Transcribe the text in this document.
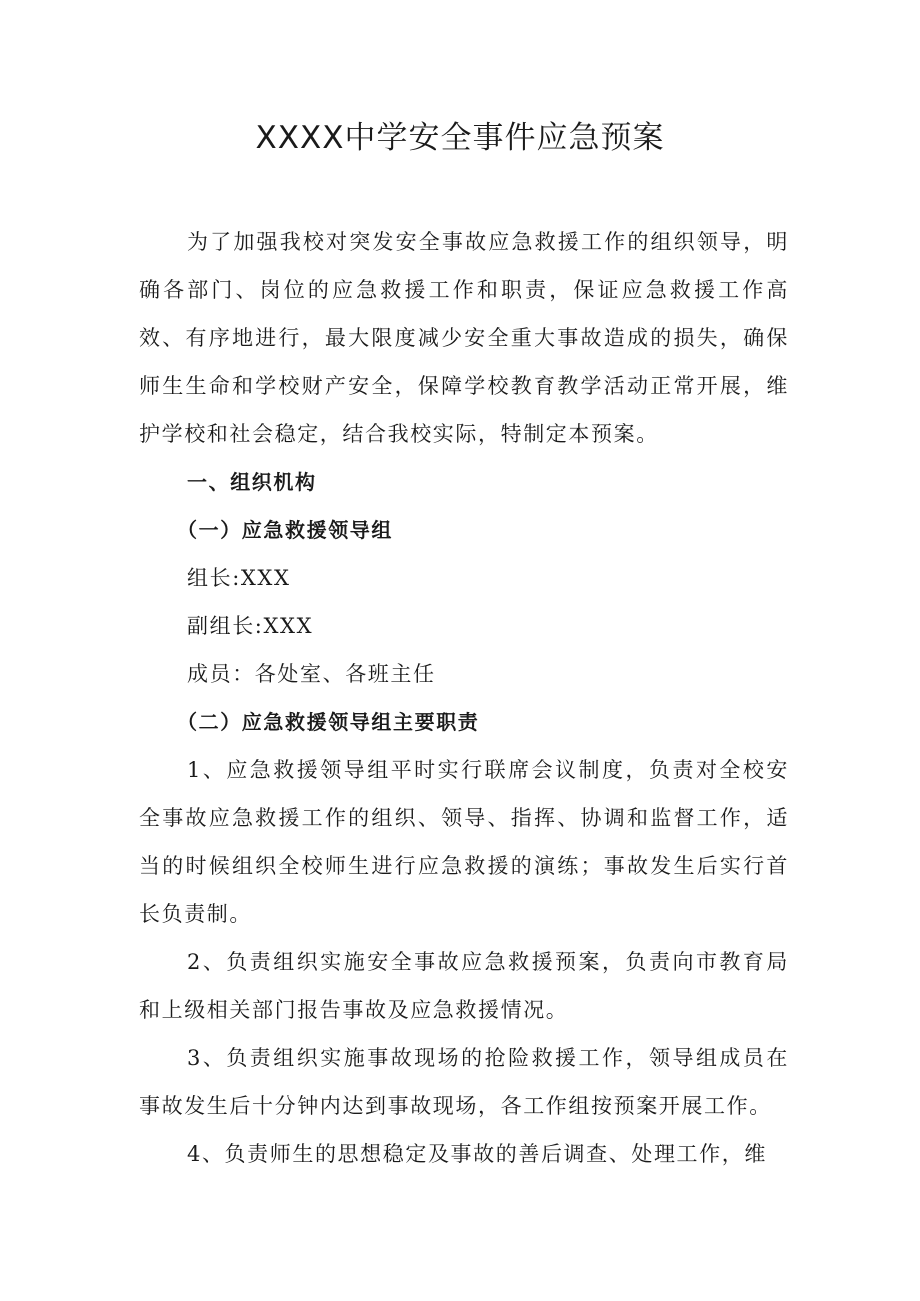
XXXX中学安全事件应急预案

为了加强我校对突发安全事故应急救援工作的组织领导，明确各部门、岗位的应急救援工作和职责，保证应急救援工作高效、有序地进行，最大限度减少安全重大事故造成的损失，确保师生生命和学校财产安全，保障学校教育教学活动正常开展，维护学校和社会稳定，结合我校实际，特制定本预案。

一、组织机构

（一）应急救援领导组

组长:XXX

副组长:XXX

成员：各处室、各班主任

（二）应急救援领导组主要职责

1、应急救援领导组平时实行联席会议制度，负责对全校安全事故应急救援工作的组织、领导、指挥、协调和监督工作，适当的时候组织全校师生进行应急救援的演练；事故发生后实行首长负责制。

2、负责组织实施安全事故应急救援预案，负责向市教育局和上级相关部门报告事故及应急救援情况。

3、负责组织实施事故现场的抢险救援工作，领导组成员在事故发生后十分钟内达到事故现场，各工作组按预案开展工作。

4、负责师生的思想稳定及事故的善后调查、处理工作，维
